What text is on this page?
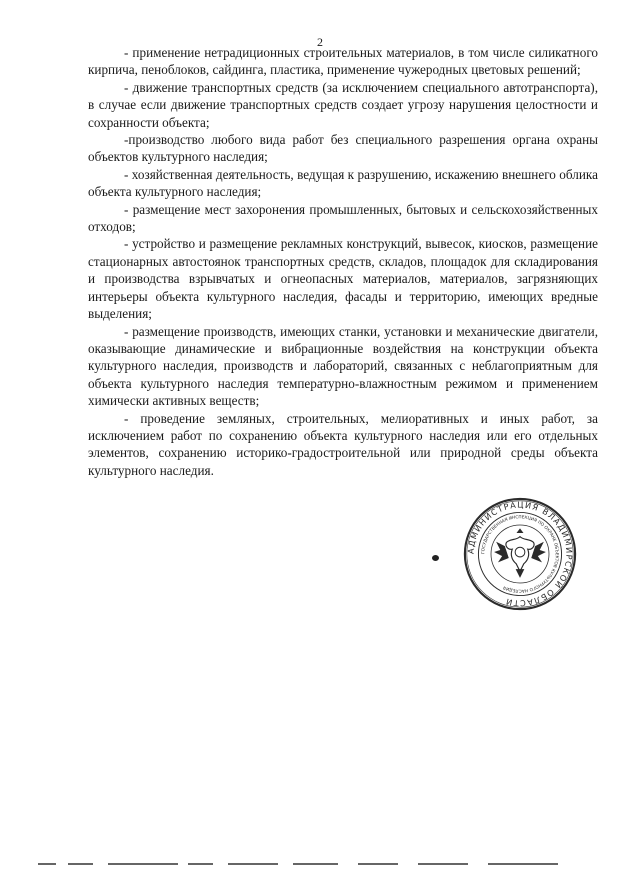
2

- применение нетрадиционных строительных материалов, в том числе силикатного кирпича, пеноблоков, сайдинга, пластика, применение чужеродных цветовых решений;

- движение транспортных средств (за исключением специального автотранспорта), в случае если движение транспортных средств создает угрозу нарушения целостности и сохранности объекта;

-производство любого вида работ без специального разрешения органа охраны объектов культурного наследия;

- хозяйственная деятельность, ведущая к разрушению, искажению внешнего облика объекта культурного наследия;

- размещение мест захоронения промышленных, бытовых и сельскохозяйственных отходов;

- устройство и размещение рекламных конструкций, вывесок, киосков, размещение стационарных автостоянок транспортных средств, складов, площадок для складирования и производства взрывчатых и огнеопасных материалов, материалов, загрязняющих интерьеры объекта культурного наследия, фасады и территорию, имеющих вредные выделения;

- размещение производств, имеющих станки, установки и механические двигатели, оказывающие динамические и вибрационные воздействия на конструкции объекта культурного наследия, производств и лабораторий, связанных с неблагоприятным для объекта культурного наследия температурно-влажностным режимом и применением химически активных веществ;

- проведение земляных, строительных, мелиоративных и иных работ, за исключением работ по сохранению объекта культурного наследия или его отдельных элементов, сохранению историко-градостроительной или природной среды объекта культурного наследия.

АДМИНИСТРАЦИЯ ВЛАДИМИРСКОЙ ОБЛАСТИ
ГОСУДАРСТВЕННАЯ ИНСПЕКЦИЯ ПО ОХРАНЕ ОБЪЕКТОВ КУЛЬТУРНОГО НАСЛЕДИЯ
